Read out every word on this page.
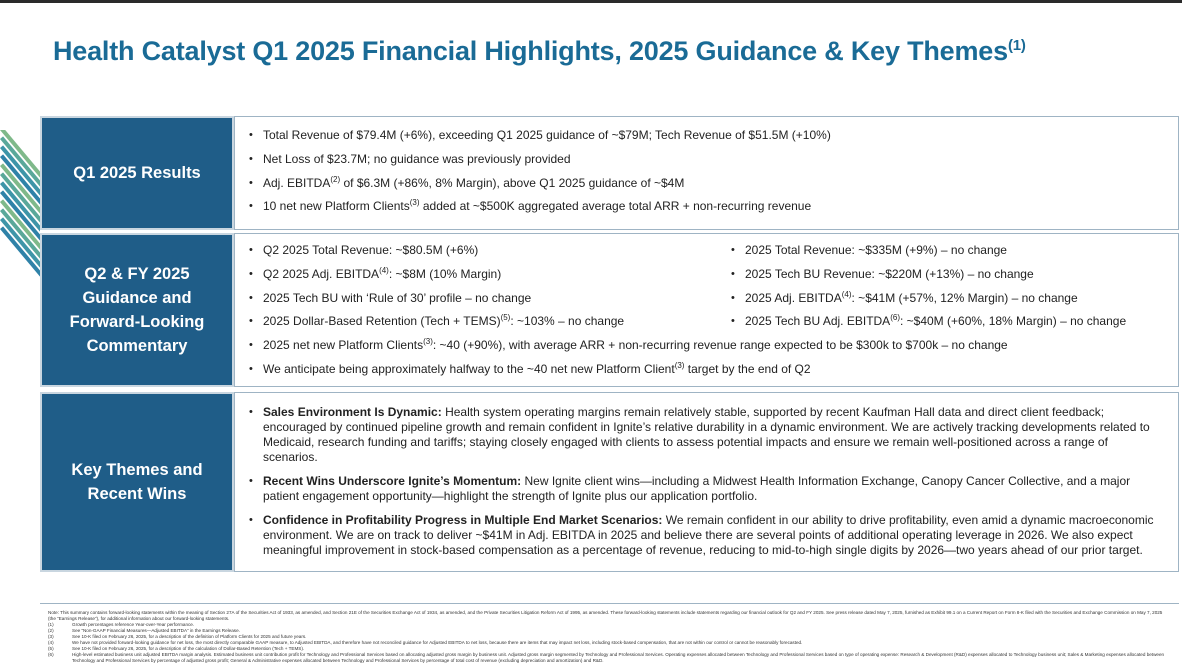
Health Catalyst Q1 2025 Financial Highlights, 2025 Guidance & Key Themes$^{(1)}$
Q1 2025 Results
• Total Revenue of $79.4M (+6%), exceeding Q1 2025 guidance of ~$79M; Tech Revenue of $51.5M (+10%)
• Net Loss of $23.7M; no guidance was previously provided
• Adj. EBITDA$^{(2)}$ of $6.3M (+86%, 8% Margin), above Q1 2025 guidance of ~$4M
• 10 net new Platform Clients$^{(3)}$ added at ~$500K aggregated average total ARR + non-recurring revenue
Q2 & FY 2025
Guidance and
Forward-Looking
Commentary
• Q2 2025 Total Revenue: ~$80.5M (+6%)
• Q2 2025 Adj. EBITDA$^{(4)}$: ~$8M (10% Margin)
• 2025 Tech BU with ‘Rule of 30’ profile – no change
• 2025 Dollar-Based Retention (Tech + TEMS)$^{(5)}$: ~103% – no change
• 2025 Total Revenue: ~$335M (+9%) – no change
• 2025 Tech BU Revenue: ~$220M (+13%) – no change
• 2025 Adj. EBITDA$^{(4)}$: ~$41M (+57%, 12% Margin) – no change
• 2025 Tech BU Adj. EBITDA$^{(6)}$: ~$40M (+60%, 18% Margin) – no change
• 2025 net new Platform Clients$^{(3)}$: ~40 (+90%), with average ARR + non-recurring revenue range expected to be $300k to $700k – no change
• We anticipate being approximately halfway to the ~40 net new Platform Client$^{(3)}$ target by the end of Q2
Key Themes and
Recent Wins
• Sales Environment Is Dynamic: Health system operating margins remain relatively stable, supported by recent Kaufman Hall data and direct client feedback; encouraged by continued pipeline growth and remain confident in Ignite’s relative durability in a dynamic environment. We are actively tracking developments related to Medicaid, research funding and tariffs; staying closely engaged with clients to assess potential impacts and ensure we remain well-positioned across a range of scenarios.
• Recent Wins Underscore Ignite’s Momentum: New Ignite client wins—including a Midwest Health Information Exchange, Canopy Cancer Collective, and a major patient engagement opportunity—highlight the strength of Ignite plus our application portfolio.
• Confidence in Profitability Progress in Multiple End Market Scenarios: We remain confident in our ability to drive profitability, even amid a dynamic macroeconomic environment. We are on track to deliver ~$41M in Adj. EBITDA in 2025 and believe there are several points of additional operating leverage in 2026. We also expect meaningful improvement in stock-based compensation as a percentage of revenue, reducing to mid-to-high single digits by 2026—two years ahead of our prior target.
Note: This summary contains forward-looking statements within the meaning of Section 27A of the Securities Act of 1933, as amended, and Section 21E of the Securities Exchange Act of 1934, as amended, and the Private Securities Litigation Reform Act of 1995, as amended. These forward-looking statements include statements regarding our financial outlook for Q2 and FY 2025. See press release dated May 7, 2025, furnished as Exhibit 99.1 on a Current Report on Form 8-K filed with the Securities and Exchange Commission on May 7, 2025 (the “Earnings Release”), for additional information about our forward-looking statements.
(1)	Growth percentages reference Year-over-Year performance.
(2)	See “Non-GAAP Financial Measures—Adjusted EBITDA” in the Earnings Release.
(3)	See 10-K filed on February 26, 2025, for a description of the definition of Platform Clients for 2025 and future years.
(4)	We have not provided forward-looking guidance for net loss, the most directly comparable GAAP measure, to Adjusted EBITDA, and therefore have not reconciled guidance for Adjusted EBITDA to net loss, because there are items that may impact net loss, including stock-based compensation, that are not within our control or cannot be reasonably forecasted.
(5)	See 10-K filed on February 26, 2025, for a description of the calculation of Dollar-Based Retention (Tech + TEMS).
(6)	High-level estimated business unit adjusted EBITDA margin analysis. Estimated business unit contribution profit for Technology and Professional Services based on allocating adjusted gross margin by business unit. Adjusted gross margin segmented by Technology and Professional Services. Operating expenses allocated between Technology and Professional Services based on type of operating expense: Research & Development (R&D) expenses allocated to Technology business unit; Sales & Marketing expenses allocated between Technology and Professional Services by percentage of adjusted gross profit; General & Administrative expenses allocated between Technology and Professional Services by percentage of total cost of revenue (excluding depreciation and amortization) and R&D.
